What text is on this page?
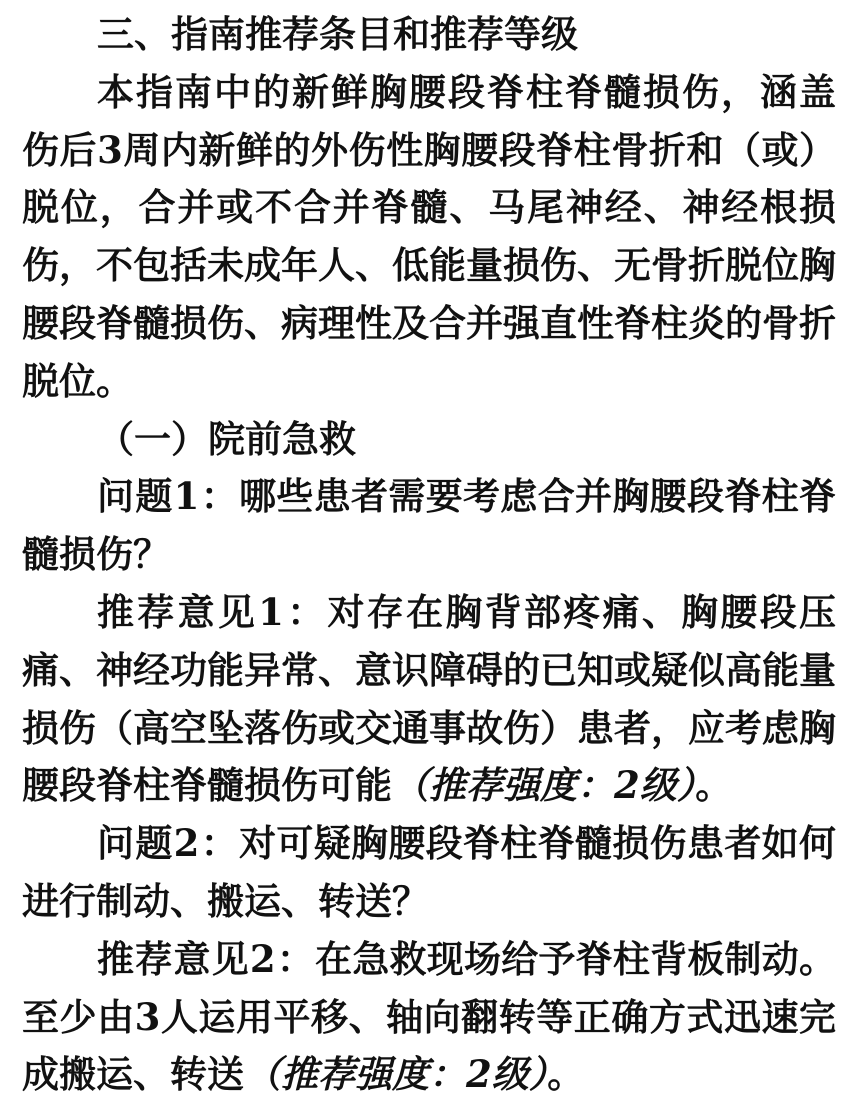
三、指南推荐条目和推荐等级

本指南中的新鲜胸腰段脊柱脊髓损伤，涵盖伤后3周内新鲜的外伤性胸腰段脊柱骨折和（或）脱位，合并或不合并脊髓、马尾神经、神经根损伤，不包括未成年人、低能量损伤、无骨折脱位胸腰段脊髓损伤、病理性及合并强直性脊柱炎的骨折脱位。

（一）院前急救

问题1：哪些患者需要考虑合并胸腰段脊柱脊髓损伤？

推荐意见1：对存在胸背部疼痛、胸腰段压痛、神经功能异常、意识障碍的已知或疑似高能量损伤（高空坠落伤或交通事故伤）患者，应考虑胸腰段脊柱脊髓损伤可能（推荐强度：2级）。

问题2：对可疑胸腰段脊柱脊髓损伤患者如何进行制动、搬运、转送？

推荐意见2：在急救现场给予脊柱背板制动。至少由3人运用平移、轴向翻转等正确方式迅速完成搬运、转送（推荐强度：2级）。
